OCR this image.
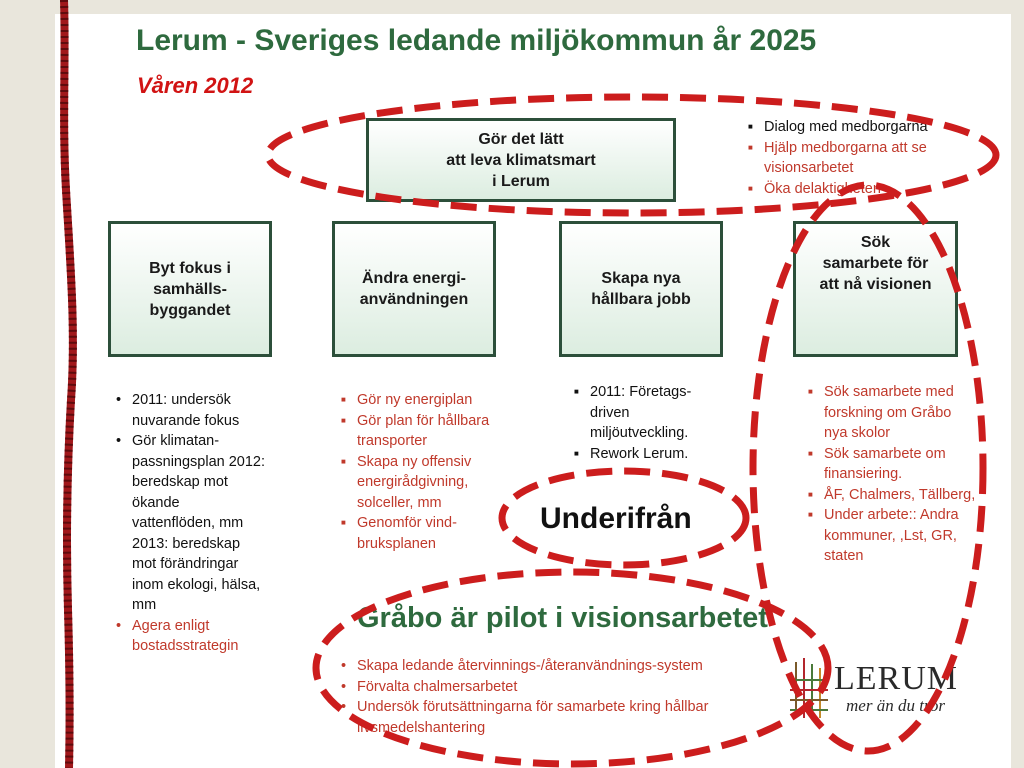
Lerum - Sveriges ledande miljökommun år 2025
Våren 2012
Gör det lätt
att leva klimatsmart
i Lerum
■ Dialog med medborgarna
■ Hjälp medborgarna att se visionsarbetet
■ Öka delaktigheten
Byt fokus i
samhälls-
byggandet
Ändra energi-
användningen
Skapa nya
hållbara jobb
Sök
samarbete för
att nå visionen
• 2011: undersök nuvarande fokus
• Gör klimatan-passningsplan 2012: beredskap mot ökande vattenflöden, mm 2013: beredskap mot förändringar inom ekologi, hälsa, mm
• Agera enligt bostadsstrategin
■ Gör ny energiplan
■ Gör plan för hållbara transporter
■ Skapa ny offensiv energirådgivning, solceller, mm
■ Genomför vind-bruksplanen
■ 2011: Företags-driven miljöutveckling.
■ Rework Lerum.
■ Sök samarbete med forskning om Gråbo nya skolor
■ Sök samarbete om finansiering.
■ ÅF, Chalmers, Tällberg,
■ Under arbete:: Andra kommuner, ,Lst, GR, staten
Underifrån
Gråbo är pilot i visionsarbetet
• Skapa ledande återvinnings-/återanvändnings-system
• Förvalta chalmersarbetet
• Undersök förutsättningarna för samarbete kring hållbar livsmedelshantering
LERUM
mer än du tror
